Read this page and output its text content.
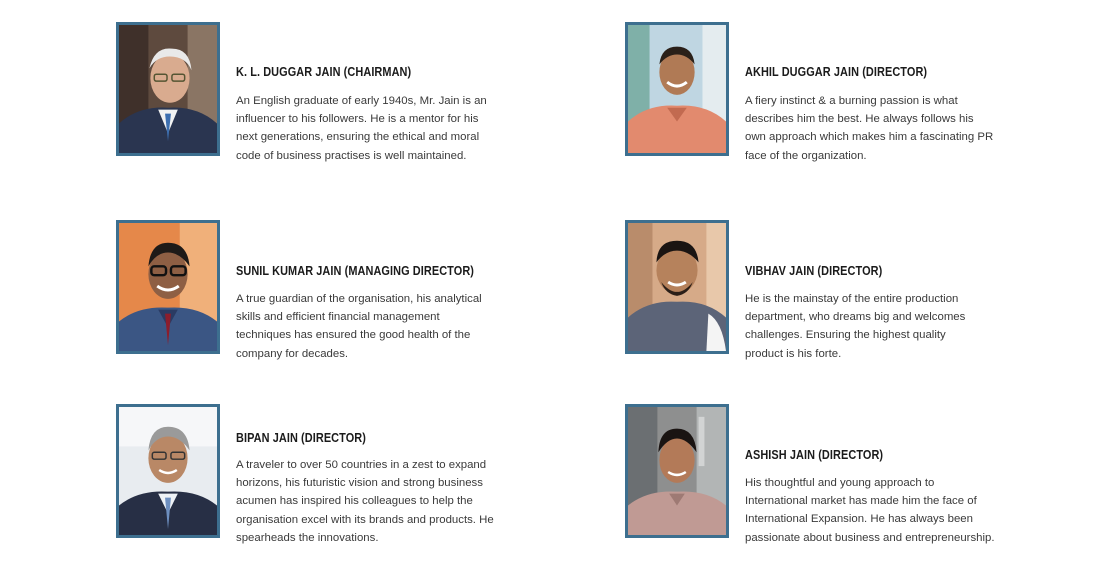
K. L. DUGGAR JAIN (CHAIRMAN)

An English graduate of early 1940s, Mr. Jain is an
influencer to his followers. He is a mentor for his
next generations, ensuring the ethical and moral
code of business practises is well maintained.

AKHIL DUGGAR JAIN (DIRECTOR)

A fiery instinct & a burning passion is what
describes him the best. He always follows his
own approach which makes him a fascinating PR
face of the organization.

SUNIL KUMAR JAIN (MANAGING DIRECTOR)

A true guardian of the organisation, his analytical
skills and efficient financial management
techniques has ensured the good health of the
company for decades.

VIBHAV JAIN (DIRECTOR)

He is the mainstay of the entire production
department, who dreams big and welcomes
challenges. Ensuring the highest quality
product is his forte.

BIPAN JAIN (DIRECTOR)

A traveler to over 50 countries in a zest to expand
horizons, his futuristic vision and strong business
acumen has inspired his colleagues to help the
organisation excel with its brands and products. He
spearheads the innovations.

ASHISH JAIN (DIRECTOR)

His thoughtful and young approach to
International market has made him the face of
International Expansion. He has always been
passionate about business and entrepreneurship.
